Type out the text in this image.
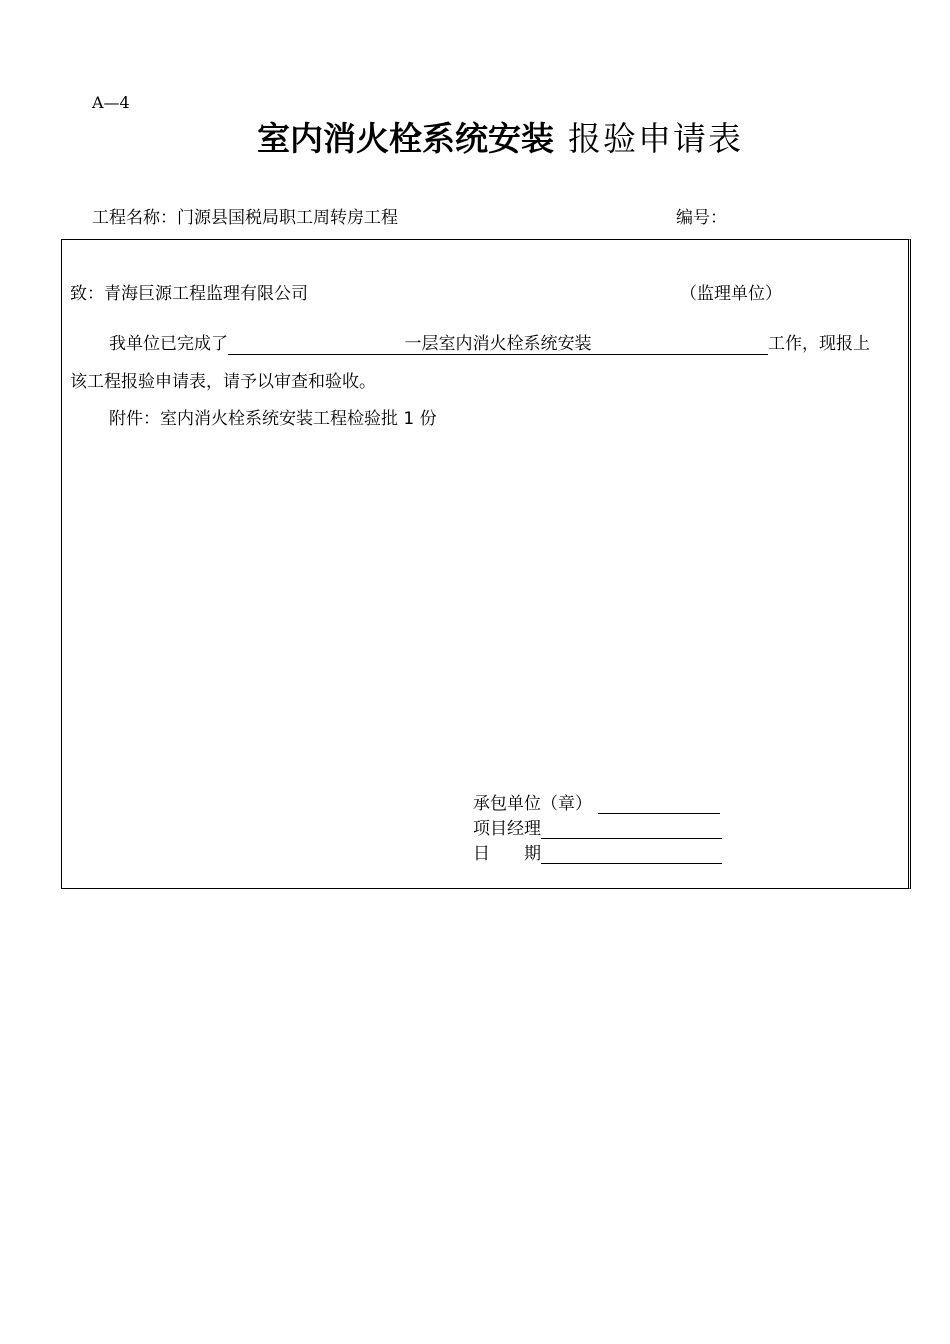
A—4
室内消火栓系统安装 报验申请表
工程名称：门源县国税局职工周转房工程	编号：
致：青海巨源工程监理有限公司	（监理单位）
我单位已完成了	一层室内消火栓系统安装	工作，现报上
该工程报验申请表，请予以审查和验收。
附件：室内消火栓系统安装工程检验批 1 份
承包单位（章）
项目经理
日　　期
